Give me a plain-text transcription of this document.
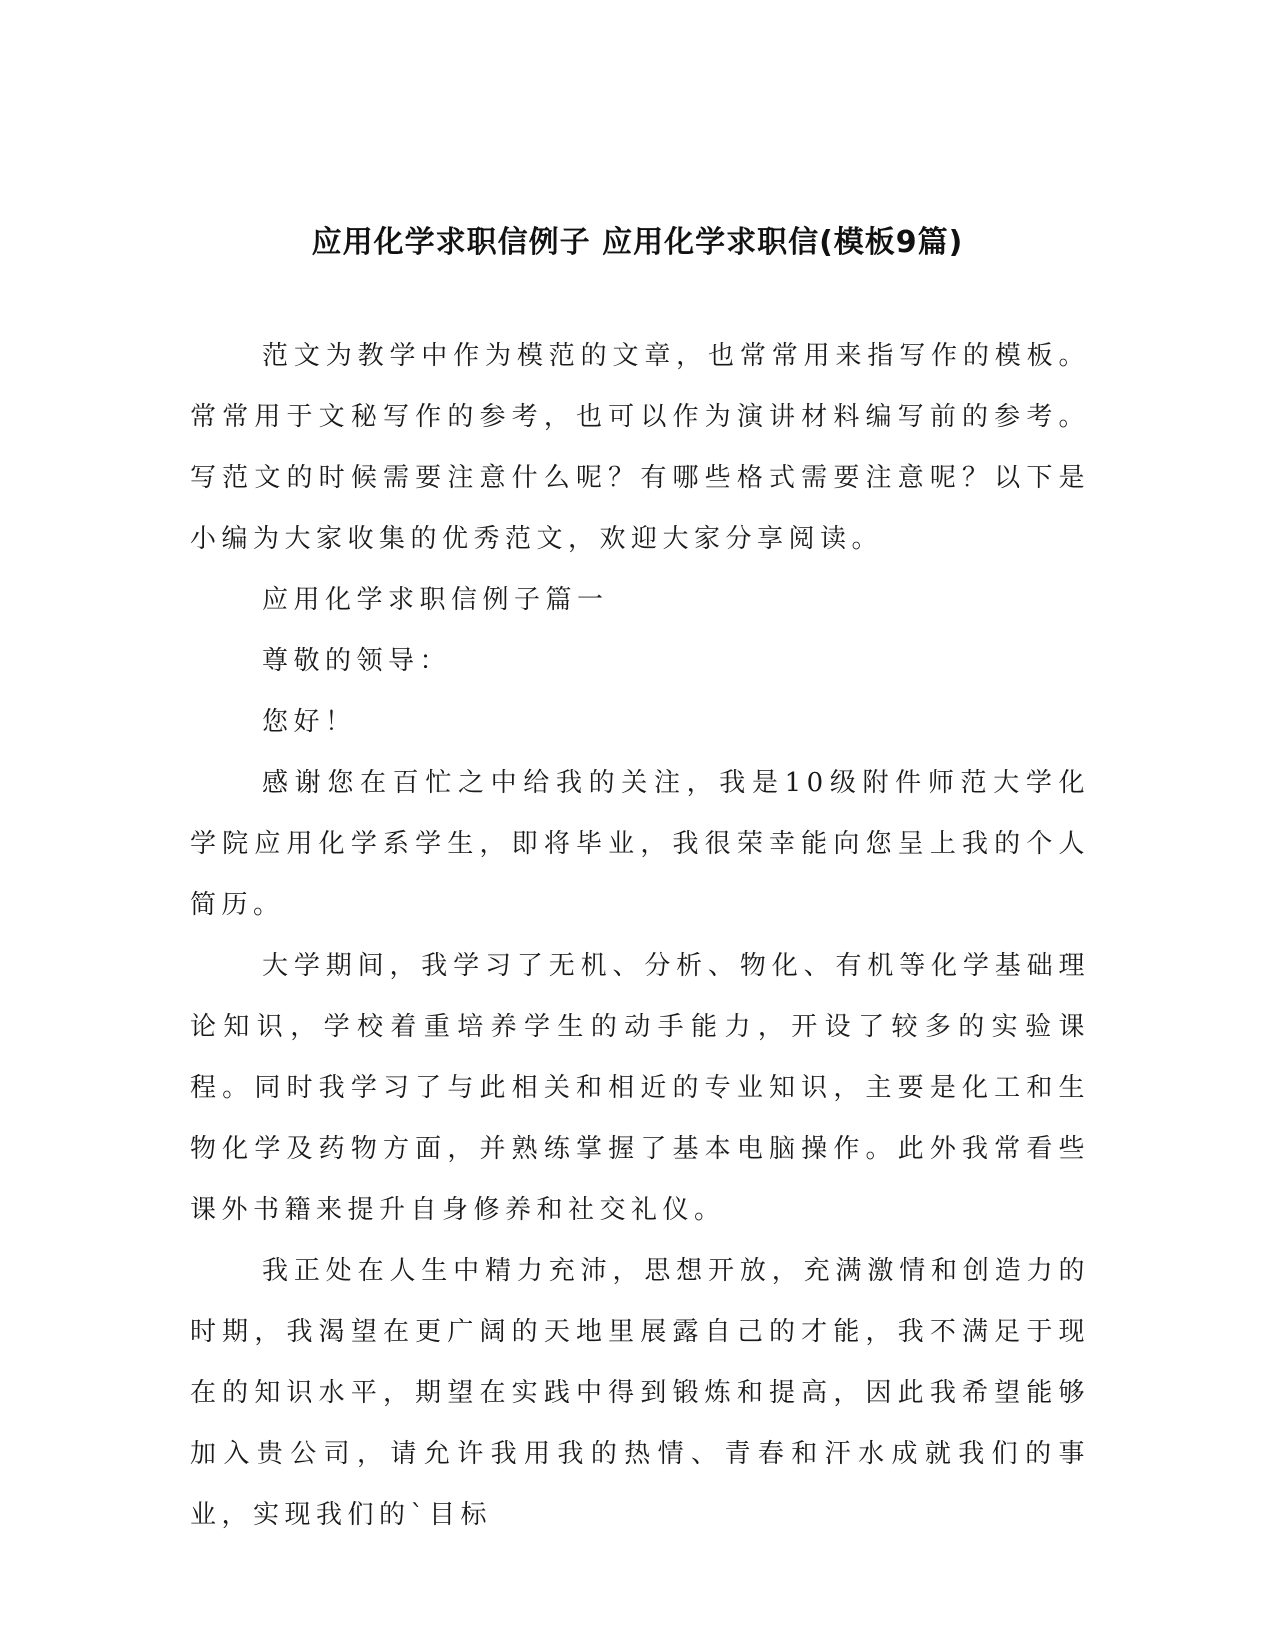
应用化学求职信例子 应用化学求职信(模板9篇)

范文为教学中作为模范的文章，也常常用来指写作的模板。常常用于文秘写作的参考，也可以作为演讲材料编写前的参考。写范文的时候需要注意什么呢？有哪些格式需要注意呢？以下是小编为大家收集的优秀范文，欢迎大家分享阅读。

应用化学求职信例子篇一

尊敬的领导：

您好！

感谢您在百忙之中给我的关注，我是10级附件师范大学化学院应用化学系学生，即将毕业，我很荣幸能向您呈上我的个人简历。

大学期间，我学习了无机、分析、物化、有机等化学基础理论知识，学校着重培养学生的动手能力，开设了较多的实验课程。同时我学习了与此相关和相近的专业知识，主要是化工和生物化学及药物方面，并熟练掌握了基本电脑操作。此外我常看些课外书籍来提升自身修养和社交礼仪。

我正处在人生中精力充沛，思想开放，充满激情和创造力的时期，我渴望在更广阔的天地里展露自己的才能，我不满足于现在的知识水平，期望在实践中得到锻炼和提高，因此我希望能够加入贵公司，请允许我用我的热情、青春和汗水成就我们的事业，实现我们的`目标
